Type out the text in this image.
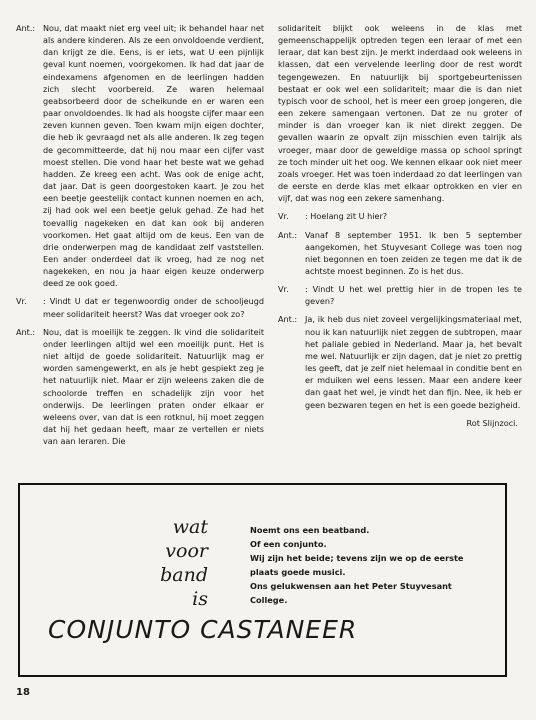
Ant.: Nou, dat maakt niet erg veel uit; ik behandel haar net als andere kinderen. Als ze een onvoldoende verdient, dan krijgt ze die. Eens, is er iets, wat U een pijnlijk geval kunt noemen, voorgekomen. Ik had dat jaar de eindexamens afgenomen en de leerlingen hadden zich slecht voorbereid. Ze waren helemaal geabsorbeerd door de scheikunde en er waren een paar onvoldoendes. Ik had als hoogste cijfer maar een zeven kunnen geven. Toen kwam mijn eigen dochter, die heb ik gevraagd net als alle anderen. Ik zeg tegen de gecommitteerde, dat hij nou maar een cijfer vast moest stellen. Die vond haar het beste wat we gehad hadden. Ze kreeg een acht. Was ook de enige acht, dat jaar. Dat is geen doorgestoken kaart. Je zou het een beetje geestelijk contact kunnen noemen en ach, zij had ook wel een beetje geluk gehad. Ze had het toevallig nagekeken en dat kan ook bij anderen voorkomen. Het gaat altijd om de keus. Een van de drie onderwerpen mag de kandidaat zelf vaststellen. Een ander onderdeel dat ik vroeg, had ze nog net nagekeken, en nou ja haar eigen keuze onderwerp deed ze ook goed.
Vr.	: Vindt U dat er tegenwoordig onder de schooljeugd meer solidariteit heerst? Was dat vroeger ook zo?
Ant.: Nou, dat is moeilijk te zeggen. Ik vind die solidariteit onder leerlingen altijd wel een moeilijk punt. Het is niet altijd de goede solidariteit. Natuurlijk mag er worden samengewerkt, en als je hebt gespiekt zeg je het natuurlijk niet. Maar er zijn weleens zaken die de schoolorde treffen en schadelijk zijn voor het onderwijs. De leerlingen praten onder elkaar er weleens over, van dat is een rotknul, hij moet zeggen dat hij het gedaan heeft, maar ze vertellen er niets van aan leraren. Die
solidariteit blijkt ook weleens in de klas met gemeenschappelijk optreden tegen een leraar of met een leraar, dat kan best zijn. Je merkt inderdaad ook weleens in klassen, dat een vervelende leerling door de rest wordt tegengewezen. En natuurlijk bij sportgebeurtenissen bestaat er ook wel een solidariteit; maar die is dan niet typisch voor de school, het is meer een groep jongeren, die een zekere samengaan vertonen. Dat ze nu groter of minder is dan vroeger kan ik niet direkt zeggen. De gevallen waarin ze opvalt zijn misschien even talrijk als vroeger, maar door de geweldige massa op school springt ze toch minder uit het oog. We kennen elkaar ook niet meer zoals vroeger. Het was toen inderdaad zo dat leerlingen van de eerste en derde klas met elkaar optrokken en vier en vijf, dat was nog een zekere samenhang.
Vr.	: Hoelang zit U hier?
Ant.: Vanaf 8 september 1951. Ik ben 5 september aangekomen, het Stuyvesant College was toen nog niet begonnen en toen zeiden ze tegen me dat ik de achtste moest beginnen. Zo is het dus.
Vr.	: Vindt U het wel prettig hier in de tropen les te geven?
Ant.: Ja, ik heb dus niet zoveel vergelijkingsmateriaal met, nou ik kan natuurlijk niet zeggen de subtropen, maar het paliale gebied in Nederland. Maar ja, het bevalt me wel. Natuurlijk er zijn dagen, dat je niet zo prettig les geeft, dat je zelf niet helemaal in conditie bent en er mduiken wel eens lessen. Maar een andere keer dan gaat het wel, je vindt het dan fijn. Nee, ik heb er geen bezwaren tegen en het is een goede bezigheid.
Rot Slijnzoci.
wat
voor
band
is
Noemt ons een beatband.
Of een conjunto.
Wij zijn het beide; tevens zijn we op de eerste plaats goede musici.
Ons gelukwensen aan het Peter Stuyvesant College.
CONJUNTO CASTANEER
18
